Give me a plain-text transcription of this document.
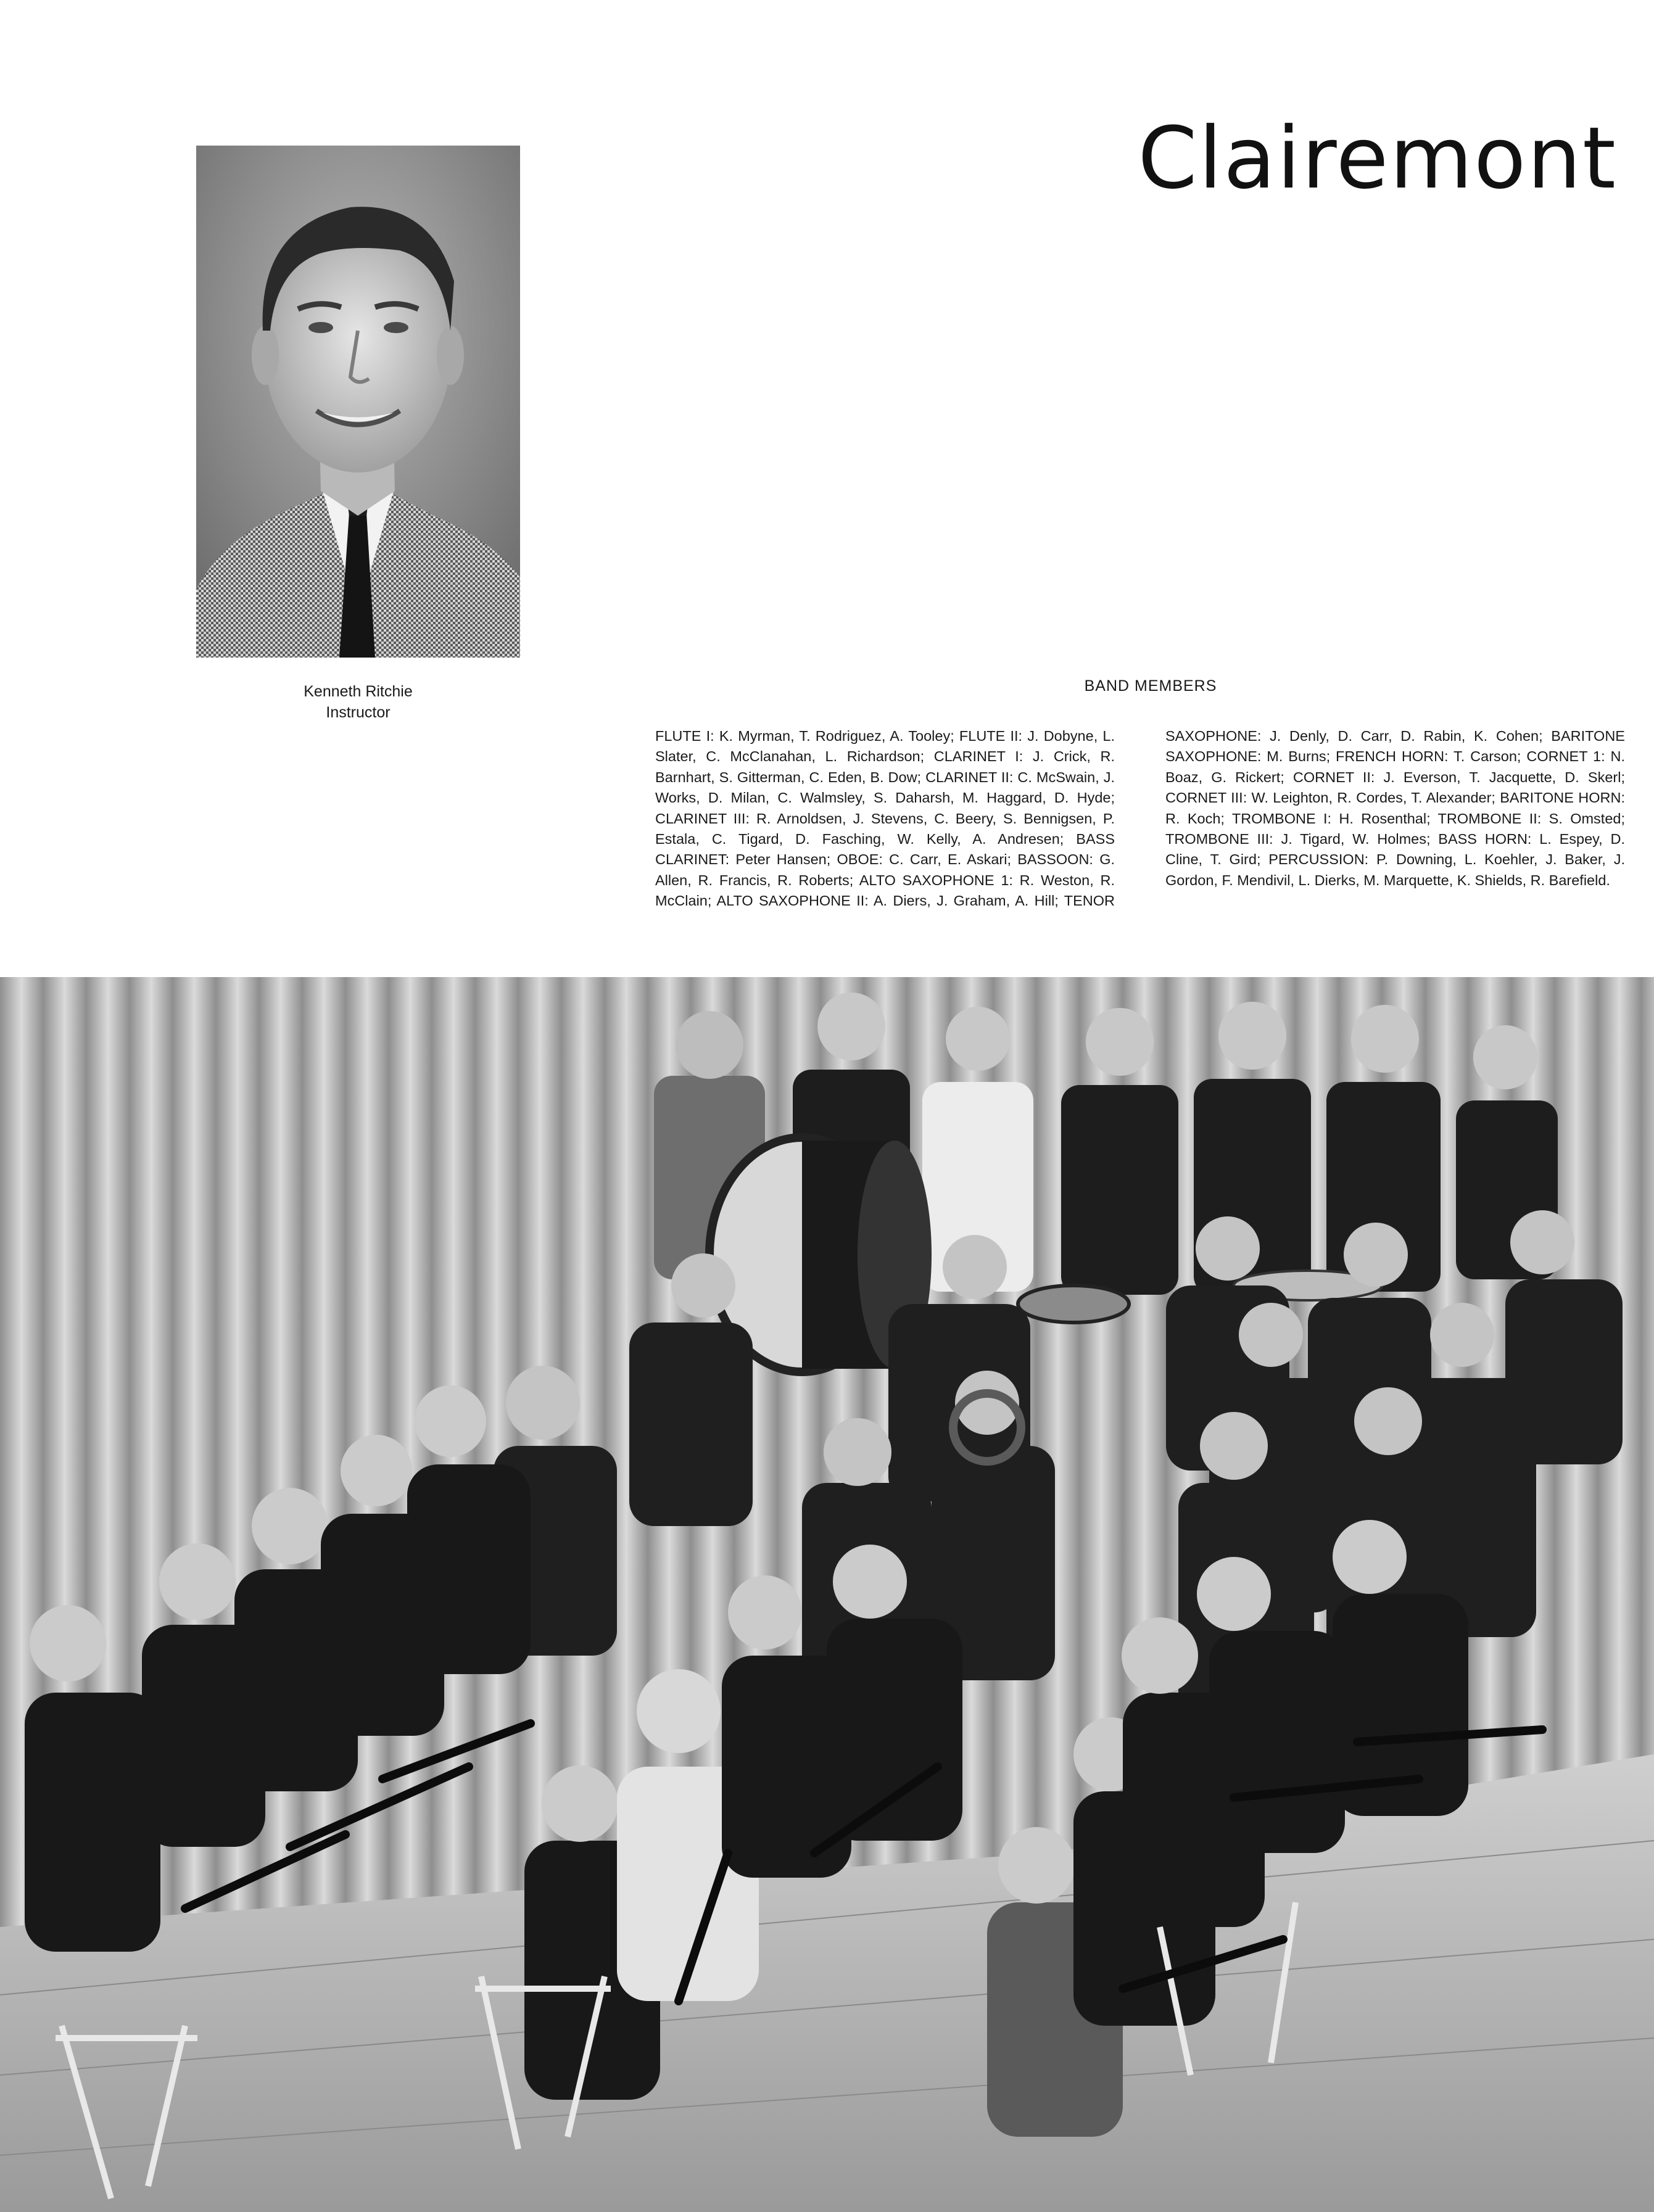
Clairemont
Kenneth Ritchie
Instructor
BAND MEMBERS

FLUTE I: K. Myrman, T. Rodriguez, A. Tooley; FLUTE II: J. Dobyne, L. Slater, C. McClanahan, L. Richardson; CLARINET I: J. Crick, R. Barnhart, S. Gitterman, C. Eden, B. Dow; CLARINET II: C. McSwain, J. Works, D. Milan, C. Walmsley, S. Daharsh, M. Haggard, D. Hyde; CLARINET III: R. Arnoldsen, J. Stevens, C. Beery, S. Bennigsen, P. Estala, C. Tigard, D. Fasching, W. Kelly, A. Andresen; BASS CLARINET: Peter Hansen; OBOE: C. Carr, E. Askari; BASSOON: G. Allen, R. Francis, R. Roberts; ALTO SAXOPHONE 1: R. Weston, R. McClain; ALTO SAXOPHONE II: A. Diers, J. Graham, A. Hill; TENOR SAXOPHONE: J. Denly, D. Carr, D. Rabin, K. Cohen; BARITONE SAXOPHONE: M. Burns; FRENCH HORN: T. Carson; CORNET 1: N. Boaz, G. Rickert; CORNET II: J. Everson, T. Jacquette, D. Skerl; CORNET III: W. Leighton, R. Cordes, T. Alexander; BARITONE HORN: R. Koch; TROMBONE I: H. Rosenthal; TROMBONE II: S. Omsted; TROMBONE III: J. Tigard, W. Holmes; BASS HORN: L. Espey, D. Cline, T. Gird; PERCUSSION: P. Downing, L. Koehler, J. Baker, J. Gordon, F. Mendivil, L. Dierks, M. Marquette, K. Shields, R. Barefield.
